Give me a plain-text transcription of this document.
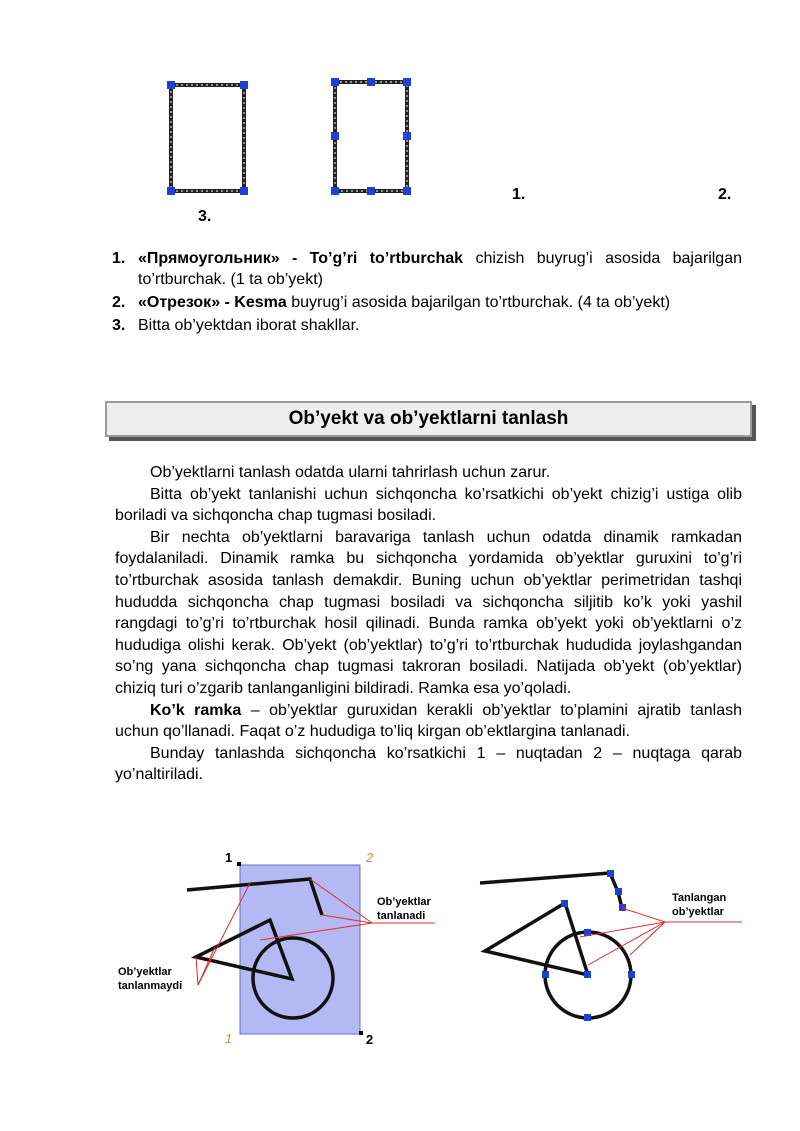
1.	2.
3.
1. «Прямоугольник» - To’g’ri to’rtburchak chizish buyrug’i asosida bajarilgan to’rtburchak. (1 ta ob’yekt)
2. «Отрезок» - Kesma buyrug’i asosida bajarilgan to’rtburchak. (4 ta ob’yekt)
3. Bitta ob’yektdan iborat shakllar.
Ob’yekt va ob’yektlarni tanlash

Ob’yektlarni tanlash odatda ularni tahrirlash uchun zarur.

Bitta ob’yekt tanlanishi uchun sichqoncha ko’rsatkichi ob’yekt chizig’i ustiga olib boriladi va sichqoncha chap tugmasi bosiladi.

Bir nechta ob’yektlarni baravariga tanlash uchun odatda dinamik ramkadan foydalaniladi. Dinamik ramka bu sichqoncha yordamida ob’yektlar guruxini to’g’ri to’rtburchak asosida tanlash demakdir. Buning uchun ob’yektlar perimetridan tashqi hududda sichqoncha chap tugmasi bosiladi va sichqoncha siljitib ko’k yoki yashil rangdagi to’g’ri to’rtburchak hosil qilinadi. Bunda ramka ob’yekt yoki ob’yektlarni o’z hududiga olishi kerak. Ob’yekt (ob’yektlar) to’g’ri to’rtburchak hududida joylashgandan so’ng yana sichqoncha chap tugmasi takroran bosiladi. Natijada ob’yekt (ob’yektlar) chiziq turi o’zgarib tanlanganligini bildiradi. Ramka esa yo’qoladi.

Ko’k ramka – ob’yektlar guruxidan kerakli ob’yektlar to’plamini ajratib tanlash uchun qo’llanadi. Faqat o’z hududiga to’liq kirgan ob’ektlargina tanlanadi.

Bunday tanlashda sichqoncha ko’rsatkichi 1 – nuqtadan 2 – nuqtaga qarab yo’naltiriladi.

1	2
1	2
Ob’yektlar
tanlanadi
Ob’yektlar
tanlanmaydi
Tanlangan
ob’yektlar
